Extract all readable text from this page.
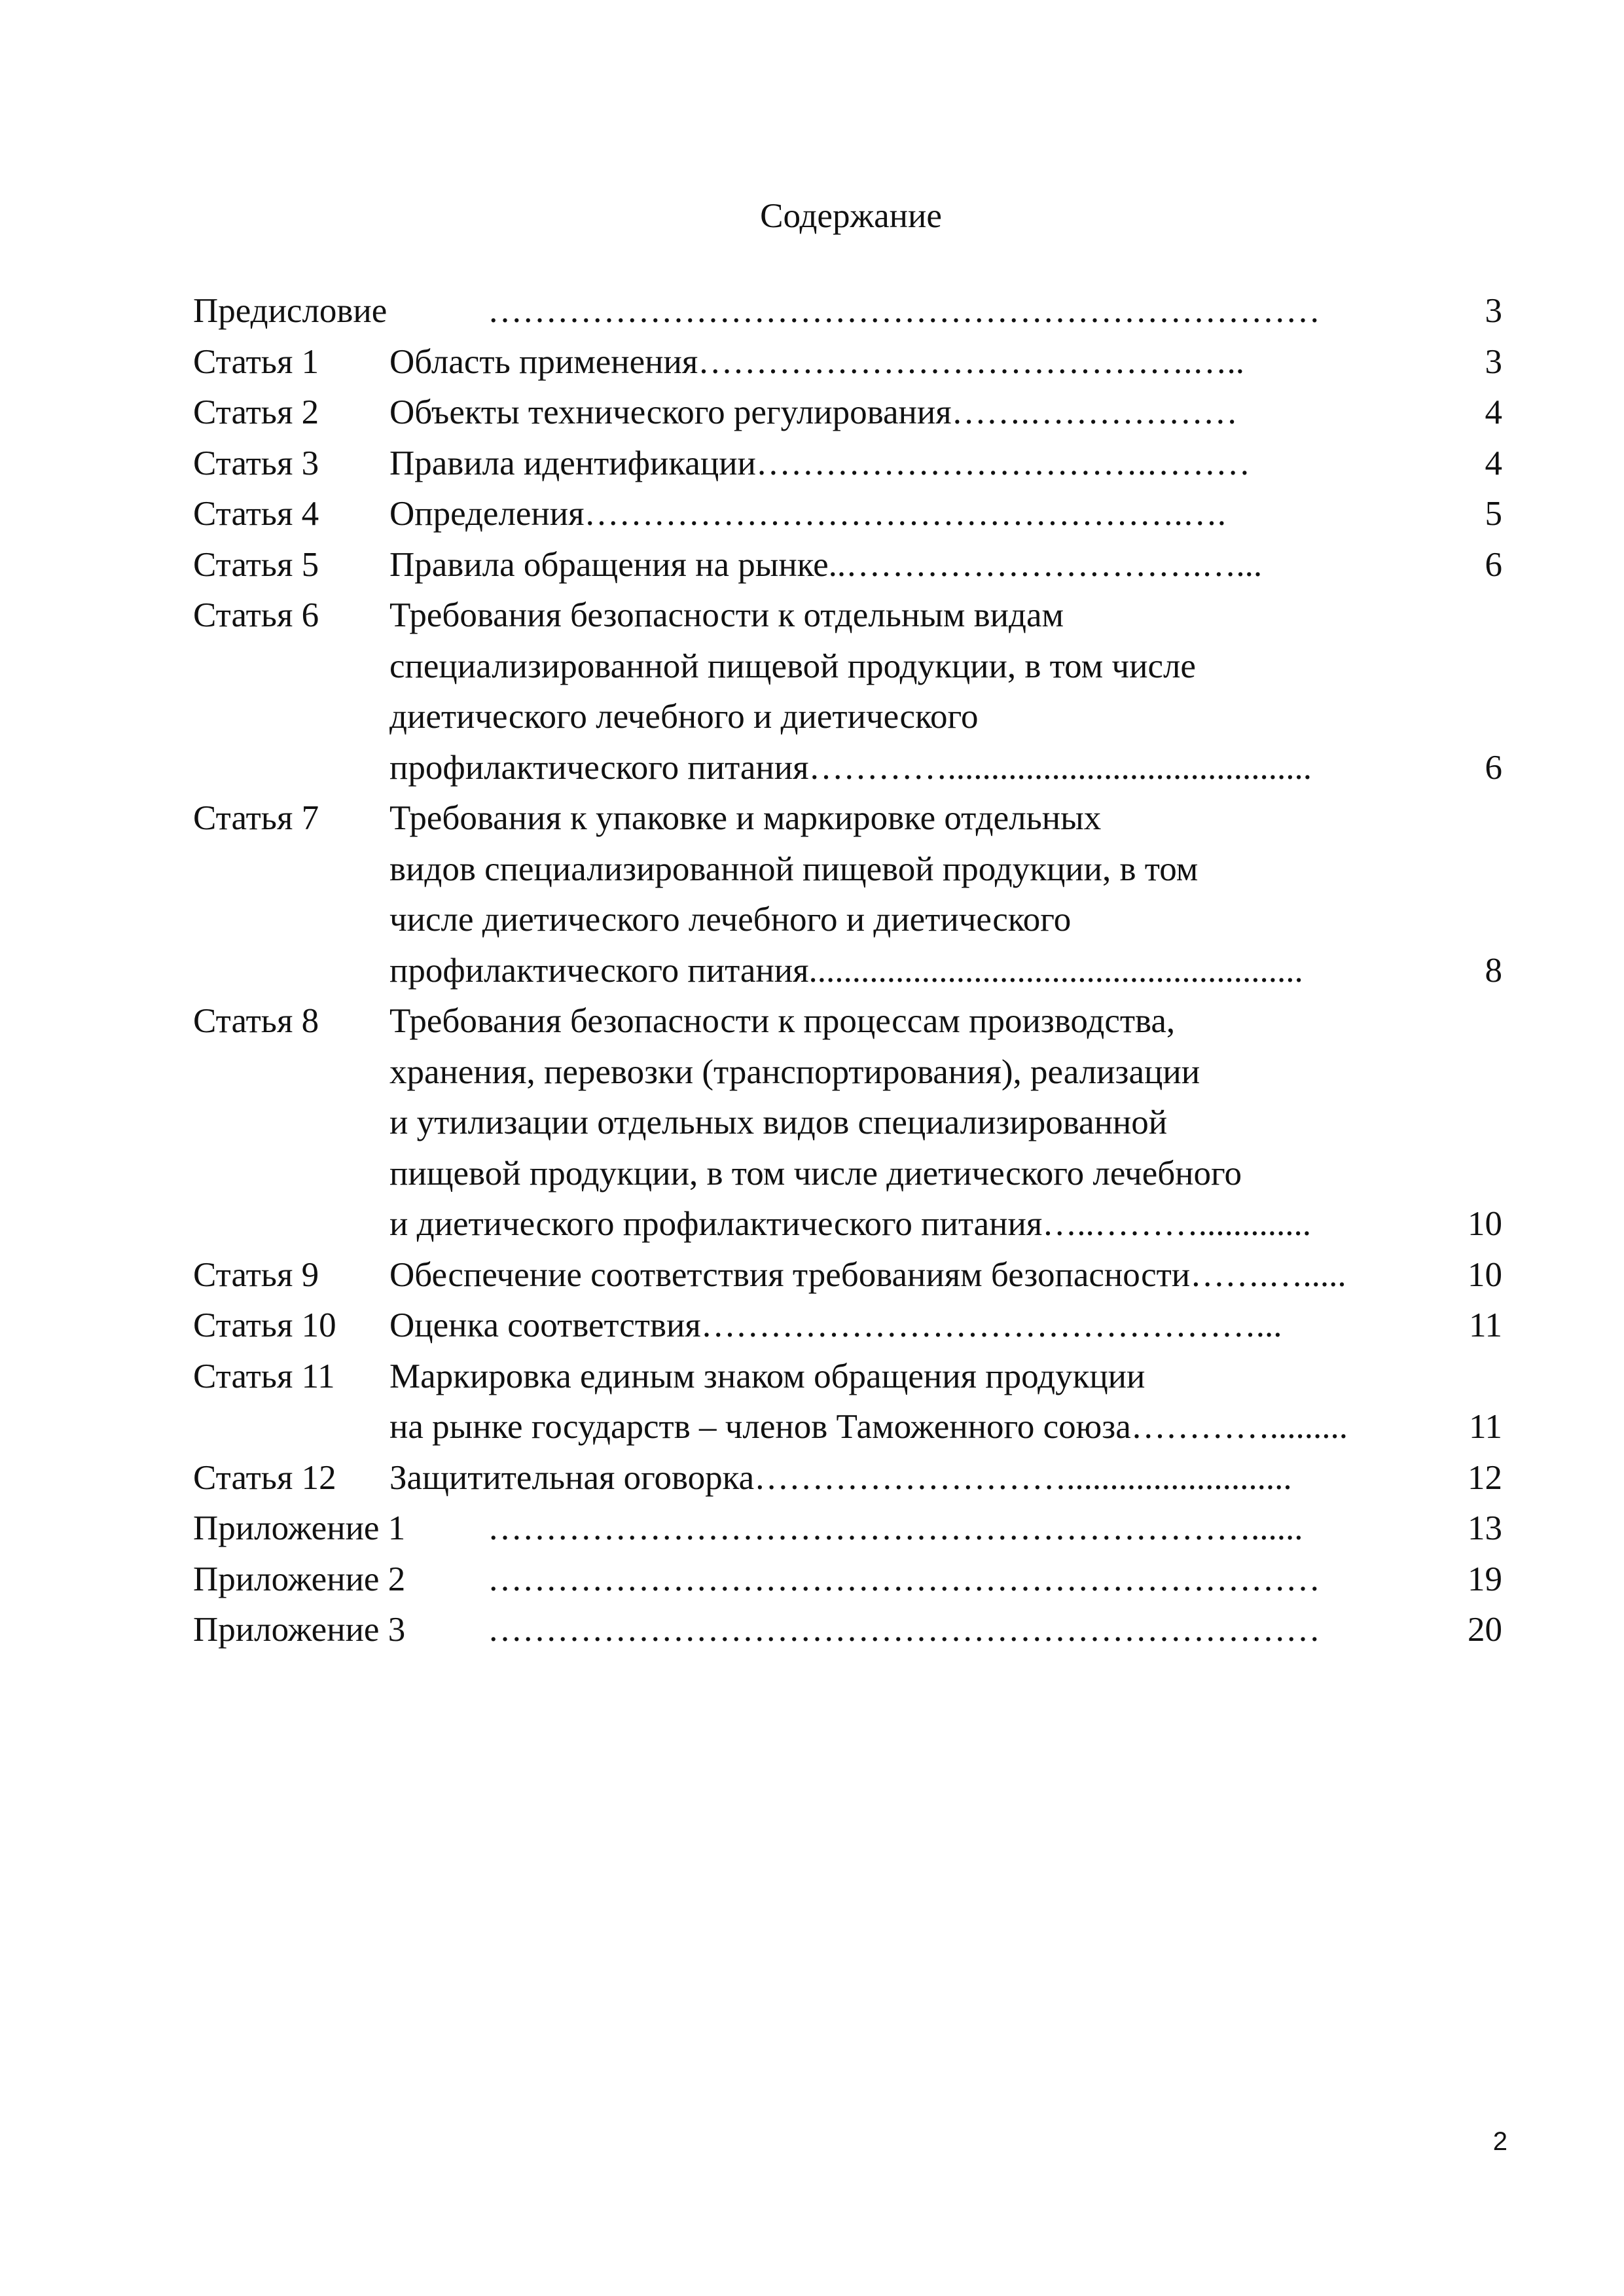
Содержание
Предисловие	………………………………………………………………	3
Статья 1 Область применения…………………………………….…..	3
Статья 2 Объекты технического регулирования…….………………	4
Статья 3 Правила идентификации…………………………….………	4
Статья 4 Определения…………………………………………….….	5
Статья 5 Правила обращения на рынке..………………………….…...	6
Статья 6 Требования безопасности к отдельным видам
специализированной пищевой продукции, в том числе
диетического лечебного и диетического
профилактического питания…………..........................................	6
Статья 7 Требования к упаковке и маркировке отдельных
видов специализированной пищевой продукции, в том
числе диетического лечебного и диетического
профилактического питания.........................................................	8
Статья 8 Требования безопасности к процессам производства,
хранения, перевозки (транспортирования), реализации
и утилизации отдельных видов специализированной
пищевой продукции, в том числе диетического лечебного
и диетического профилактического питания…..……….............	10
Статья 9 Обеспечение соответствия требованиям безопасности…….….....	10
Статья 10 Оценка соответствия…………………………………………...	11
Статья 11 Маркировка единым знаком обращения продукции
на рынке государств – членов Таможенного союза………….........	11
Статья 12 Защитительная оговорка………………………..........................	12
Приложение 1 …………………………………………………………......	13
Приложение 2 ………………………………………………………………	19
Приложение 3 ………………………………………………………………	20
2
